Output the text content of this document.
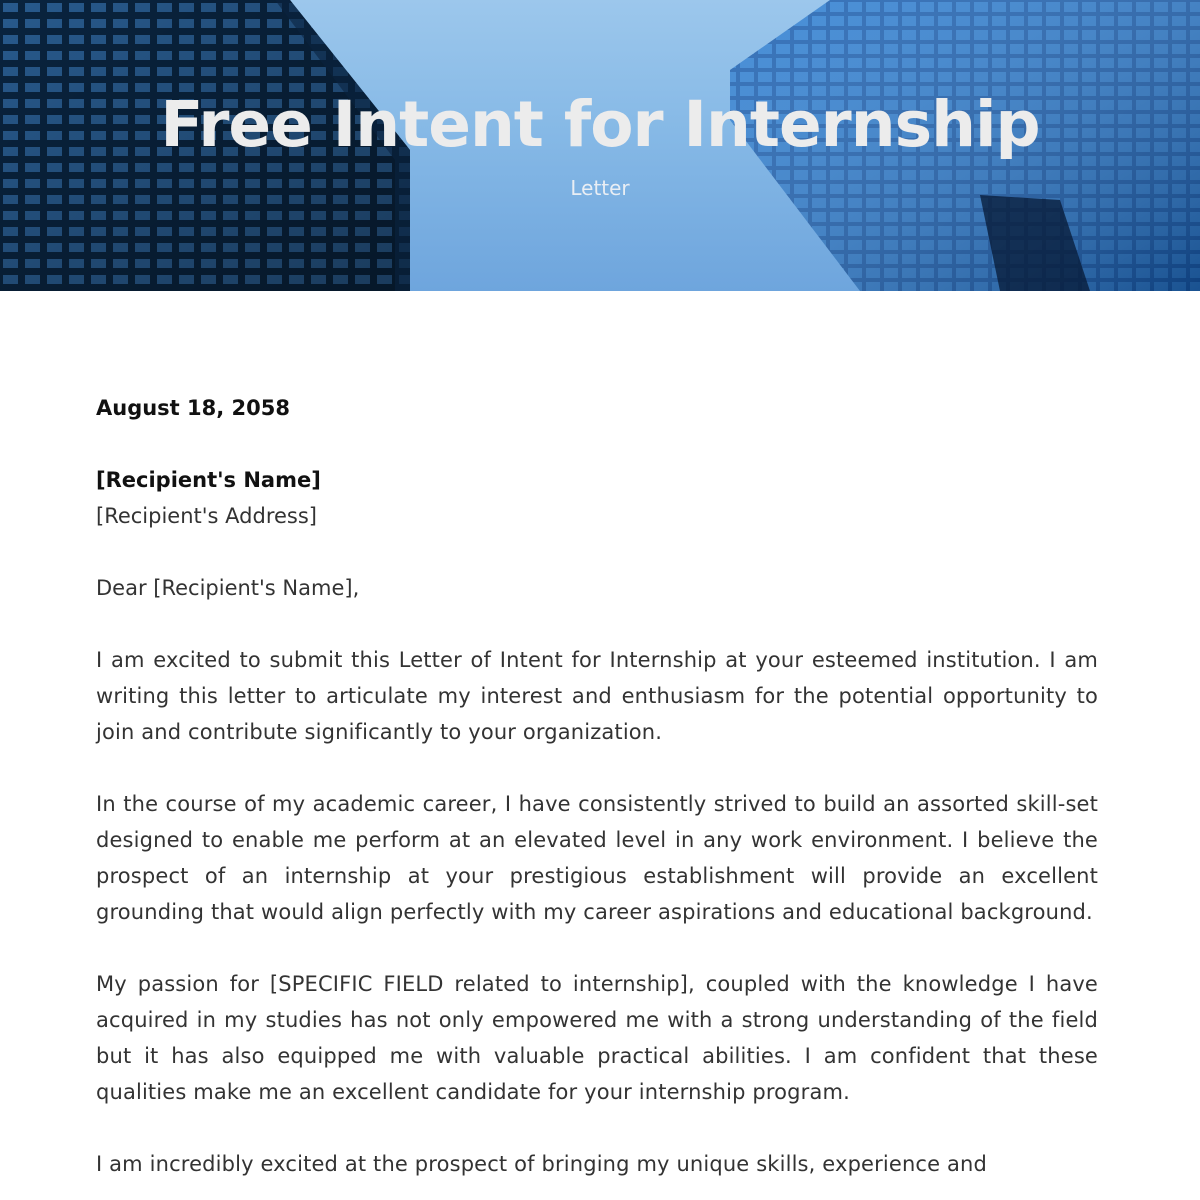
Free Intent for Internship
Letter

August 18, 2058

[Recipient's Name]
[Recipient's Address]

Dear [Recipient's Name],

I am excited to submit this Letter of Intent for Internship at your esteemed institution. I am writing this letter to articulate my interest and enthusiasm for the potential opportunity to join and contribute significantly to your organization.

In the course of my academic career, I have consistently strived to build an assorted skill-set designed to enable me perform at an elevated level in any work environment. I believe the prospect of an internship at your prestigious establishment will provide an excellent grounding that would align perfectly with my career aspirations and educational background.

My passion for [SPECIFIC FIELD related to internship], coupled with the knowledge I have acquired in my studies has not only empowered me with a strong understanding of the field but it has also equipped me with valuable practical abilities. I am confident that these qualities make me an excellent candidate for your internship program.

I am incredibly excited at the prospect of bringing my unique skills, experience and
